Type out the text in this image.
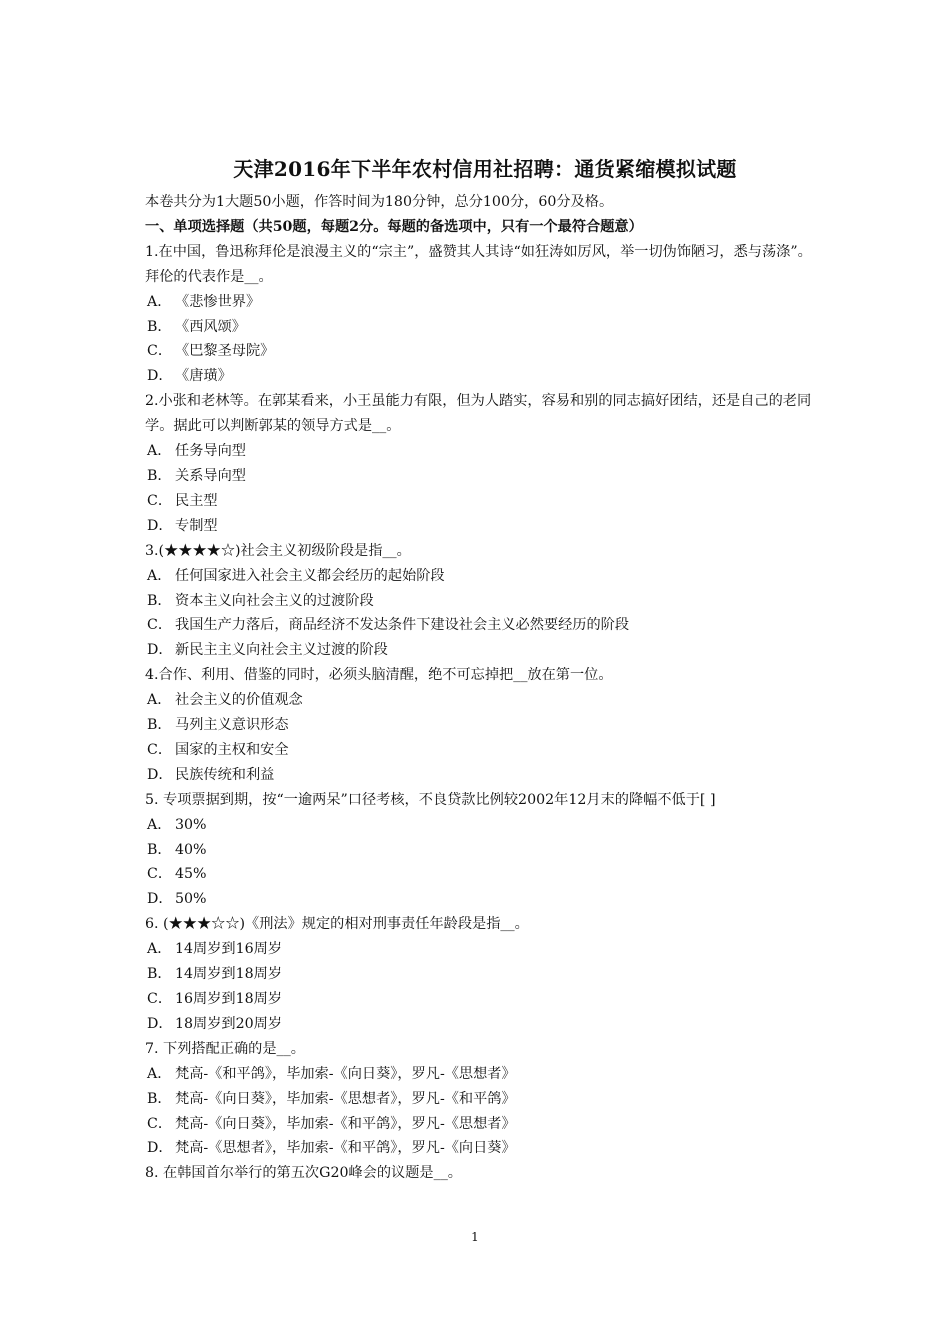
天津2016年下半年农村信用社招聘：通货紧缩模拟试题
本卷共分为1大题50小题，作答时间为180分钟，总分100分，60分及格。
一、单项选择题（共50题，每题2分。每题的备选项中，只有一个最符合题意）
1.在中国，鲁迅称拜伦是浪漫主义的“宗主”，盛赞其人其诗“如狂涛如厉风，举一切伪饰陋习，悉与荡涤”。拜伦的代表作是__。
A． 《悲惨世界》
B． 《西风颂》
C． 《巴黎圣母院》
D． 《唐璜》
2.小张和老林等。在郭某看来，小王虽能力有限，但为人踏实，容易和别的同志搞好团结，还是自己的老同学。据此可以判断郭某的领导方式是__。
A． 任务导向型
B． 关系导向型
C． 民主型
D． 专制型
3.(★★★★☆)社会主义初级阶段是指__。
A． 任何国家进入社会主义都会经历的起始阶段
B． 资本主义向社会主义的过渡阶段
C． 我国生产力落后，商品经济不发达条件下建设社会主义必然要经历的阶段
D． 新民主主义向社会主义过渡的阶段
4.合作、利用、借鉴的同时，必须头脑清醒，绝不可忘掉把__放在第一位。
A． 社会主义的价值观念
B． 马列主义意识形态
C． 国家的主权和安全
D． 民族传统和利益
5. 专项票据到期，按“一逾两呆”口径考核，不良贷款比例较2002年12月末的降幅不低于[ ]
A． 30%
B． 40%
C． 45%
D． 50%
6. (★★★☆☆)《刑法》规定的相对刑事责任年龄段是指__。
A． 14周岁到16周岁
B． 14周岁到18周岁
C． 16周岁到18周岁
D． 18周岁到20周岁
7. 下列搭配正确的是__。
A． 梵高-《和平鸽》，毕加索-《向日葵》，罗凡-《思想者》
B． 梵高-《向日葵》，毕加索-《思想者》，罗凡-《和平鸽》
C． 梵高-《向日葵》，毕加索-《和平鸽》，罗凡-《思想者》
D． 梵高-《思想者》，毕加索-《和平鸽》，罗凡-《向日葵》
8. 在韩国首尔举行的第五次G20峰会的议题是__。
1
